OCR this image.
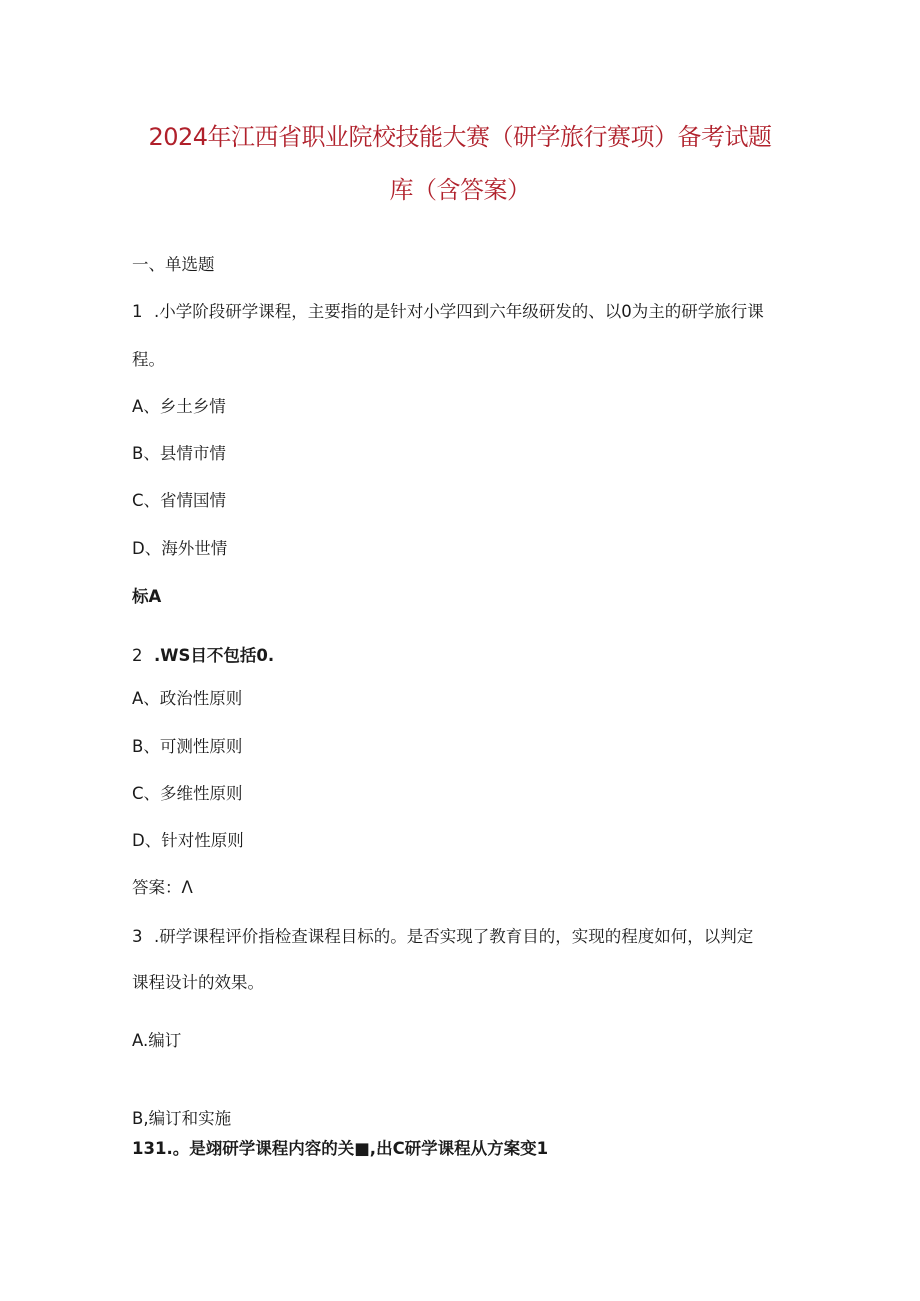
2024年江西省职业院校技能大赛（研学旅行赛项）备考试题
库（含答案）
一、单选题
1 .小学阶段研学课程，主要指的是针对小学四到六年级研发的、以0为主的研学旅行课
程。
A、乡土乡情
B、县情市情
C、省情国情
D、海外世情
标A
2 .WS目不包括0.
A、政治性原则
B、可测性原则
C、多维性原则
D、针对性原则
答案：Λ
3 .研学课程评价指检查课程目标的。是否实现了教育目的，实现的程度如何，以判定
课程设计的效果。
A.编订
B,编订和实施
131.。是翊研学课程内容的关■,出C研学课程从方案变1
